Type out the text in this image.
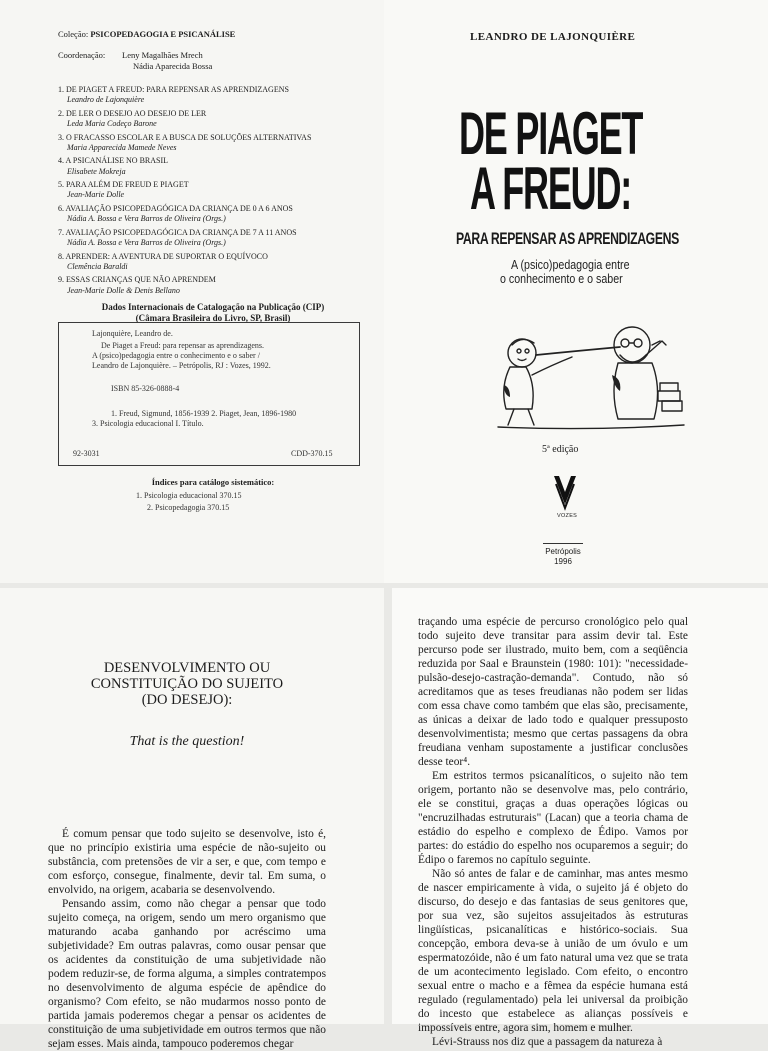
Coleção: PSICOPEDAGOGIA E PSICANÁLISE
Coordenação: Leny Magalhães Mrech
Nádia Aparecida Bossa
1. DE PIAGET A FREUD: PARA REPENSAR AS APRENDIZAGENS
Leandro de Lajonquière
2. DE LER O DESEJO AO DESEJO DE LER
Leda Maria Codeço Barone
3. O FRACASSO ESCOLAR E A BUSCA DE SOLUÇÕES ALTERNATIVAS
Maria Apparecida Mamede Neves
4. A PSICANÁLISE NO BRASIL
Elisabete Mokreja
5. PARA ALÉM DE FREUD E PIAGET
Jean-Marie Dolle
6. AVALIAÇÃO PSICOPEDAGÓGICA DA CRIANÇA DE 0 A 6 ANOS
Nádia A. Bossa e Vera Barros de Oliveira (Orgs.)
7. AVALIAÇÃO PSICOPEDAGÓGICA DA CRIANÇA DE 7 A 11 ANOS
Nádia A. Bossa e Vera Barros de Oliveira (Orgs.)
8. APRENDER: A AVENTURA DE SUPORTAR O EQUÍVOCO
Clemência Baraldi
9. ESSAS CRIANÇAS QUE NÃO APRENDEM
Jean-Marie Dolle & Denis Bellano
Dados Internacionais de Catalogação na Publicação (CIP)
(Câmara Brasileira do Livro, SP, Brasil)
Lajonquière, Leandro de.
De Piaget a Freud: para repensar as aprendizagens.
A (psico)pedagogia entre o conhecimento e o saber /
Leandro de Lajonquière. – Petrópolis, RJ : Vozes, 1992.
ISBN 85-326-0888-4
1. Freud, Sigmund, 1856-1939 2. Piaget, Jean, 1896-1980
3. Psicologia educacional I. Título.
92-3031	CDD-370.15
Índices para catálogo sistemático:
1. Psicologia educacional 370.15
2. Psicopedagogia 370.15
LEANDRO DE LAJONQUIÈRE
DE PIAGET
A FREUD:
PARA REPENSAR AS APRENDIZAGENS
A (psico)pedagogia entre
o conhecimento e o saber
5ª edição
VOZES
Petrópolis
1996
DESENVOLVIMENTO OU
CONSTITUIÇÃO DO SUJEITO
(DO DESEJO):
That is the question!

É comum pensar que todo sujeito se desenvolve, isto é, que no princípio existiria uma espécie de não-sujeito ou substância, com pretensões de vir a ser, e que, com tempo e com esforço, consegue, finalmente, devir tal. Em suma, o envolvido, na origem, acabaria se desenvolvendo.

Pensando assim, como não chegar a pensar que todo sujeito começa, na origem, sendo um mero organismo que maturando acaba ganhando por acréscimo uma subjetividade? Em outras palavras, como ousar pensar que os acidentes da constituição de uma subjetividade não podem reduzir-se, de forma alguma, a simples contratempos no desenvolvimento de alguma espécie de apêndice do organismo? Com efeito, se não mudarmos nosso ponto de partida jamais poderemos chegar a pensar os acidentes de constituição de uma subjetividade em outros termos que não sejam esses. Mais ainda, tampouco poderemos chegar

traçando uma espécie de percurso cronológico pelo qual todo sujeito deve transitar para assim devir tal. Este percurso pode ser ilustrado, muito bem, com a seqüência reduzida por Saal e Braunstein (1980: 101): "necessidade-pulsão-desejo-castração-demanda". Contudo, não só acreditamos que as teses freudianas não podem ser lidas com essa chave como também que elas são, precisamente, as únicas a deixar de lado todo e qualquer pressuposto desenvolvimentista; mesmo que certas passagens da obra freudiana venham supostamente a justificar conclusões desse teor⁴.

Em estritos termos psicanalíticos, o sujeito não tem origem, portanto não se desenvolve mas, pelo contrário, ele se constitui, graças a duas operações lógicas ou "encruzilhadas estruturais" (Lacan) que a teoria chama de estádio do espelho e complexo de Édipo. Vamos por partes: do estádio do espelho nos ocuparemos a seguir; do Édipo o faremos no capítulo seguinte.

Não só antes de falar e de caminhar, mas antes mesmo de nascer empiricamente à vida, o sujeito já é objeto do discurso, do desejo e das fantasias de seus genitores que, por sua vez, são sujeitos assujeitados às estruturas lingüísticas, psicanalíticas e histórico-sociais. Sua concepção, embora deva-se à união de um óvulo e um espermatozóide, não é um fato natural uma vez que se trata de um acontecimento legislado. Com efeito, o encontro sexual entre o macho e a fêmea da espécie humana está regulado (regulamentado) pela lei universal da proibição do incesto que estabelece as alianças possíveis e impossíveis entre, agora sim, homem e mulher.

Lévi-Strauss nos diz que a passagem da natureza à
